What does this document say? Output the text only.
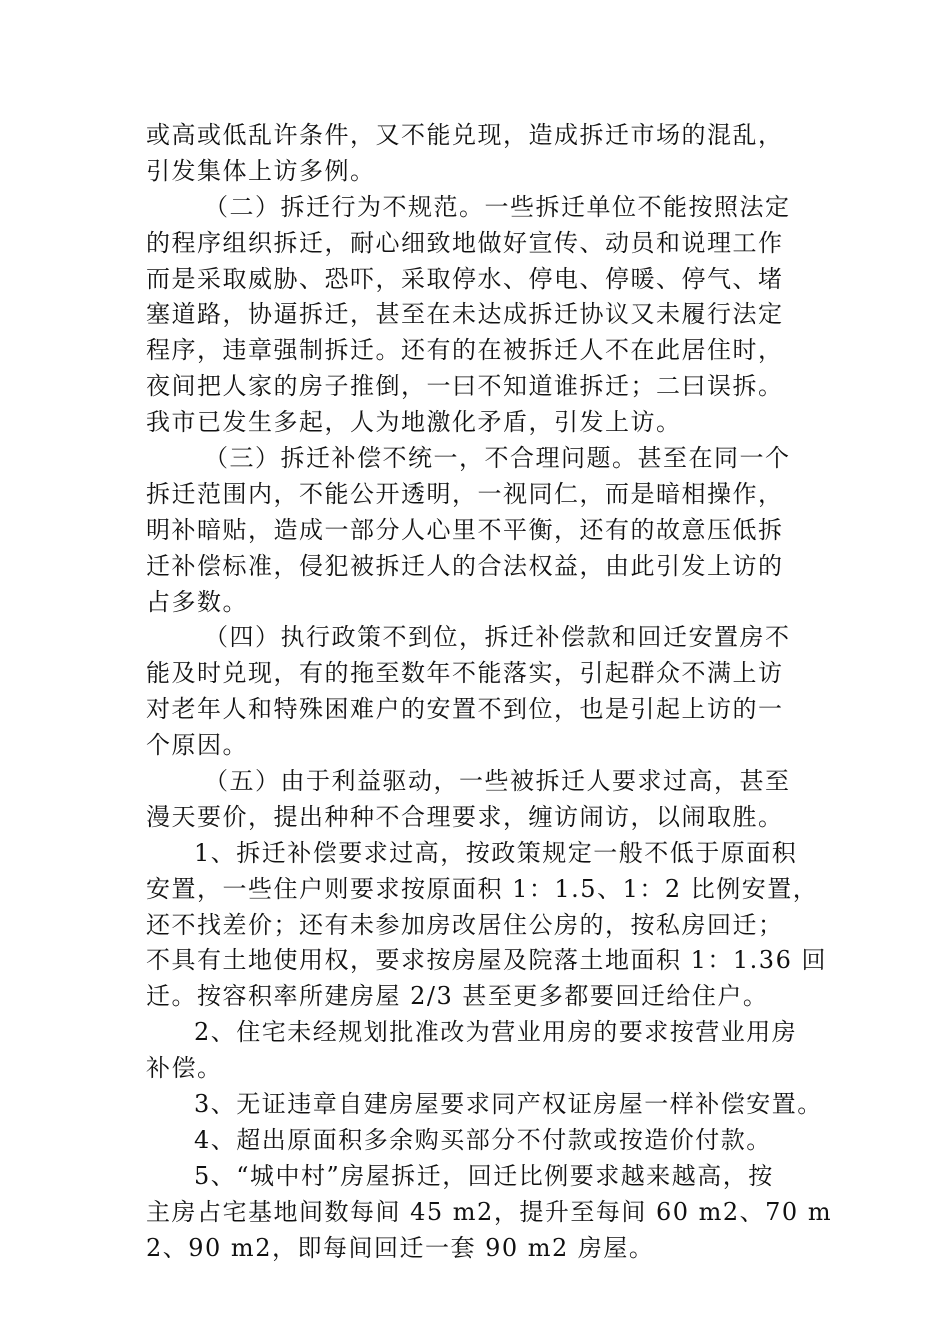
或高或低乱许条件，又不能兑现，造成拆迁市场的混乱，
引发集体上访多例。
（二）拆迁行为不规范。一些拆迁单位不能按照法定
的程序组织拆迁，耐心细致地做好宣传、动员和说理工作
而是采取威胁、恐吓，采取停水、停电、停暖、停气、堵
塞道路，协逼拆迁，甚至在未达成拆迁协议又未履行法定
程序，违章强制拆迁。还有的在被拆迁人不在此居住时，
夜间把人家的房子推倒，一曰不知道谁拆迁；二曰误拆。
我市已发生多起，人为地激化矛盾，引发上访。
（三）拆迁补偿不统一，不合理问题。甚至在同一个
拆迁范围内，不能公开透明，一视同仁，而是暗相操作，
明补暗贴，造成一部分人心里不平衡，还有的故意压低拆
迁补偿标准，侵犯被拆迁人的合法权益，由此引发上访的
占多数。
（四）执行政策不到位，拆迁补偿款和回迁安置房不
能及时兑现，有的拖至数年不能落实，引起群众不满上访
对老年人和特殊困难户的安置不到位，也是引起上访的一
个原因。
（五）由于利益驱动，一些被拆迁人要求过高，甚至
漫天要价，提出种种不合理要求，缠访闹访，以闹取胜。
1、拆迁补偿要求过高，按政策规定一般不低于原面积
安置，一些住户则要求按原面积 1：1.5、1：2 比例安置，
还不找差价；还有未参加房改居住公房的，按私房回迁；
不具有土地使用权，要求按房屋及院落土地面积 1：1.36 回
迁。按容积率所建房屋 2/3 甚至更多都要回迁给住户。
2、住宅未经规划批准改为营业用房的要求按营业用房
补偿。
3、无证违章自建房屋要求同产权证房屋一样补偿安置。
4、超出原面积多余购买部分不付款或按造价付款。
5、“城中村”房屋拆迁，回迁比例要求越来越高，按
主房占宅基地间数每间 45 m2，提升至每间 60 m2、70 m
2、90 m2，即每间回迁一套 90 m2 房屋。
